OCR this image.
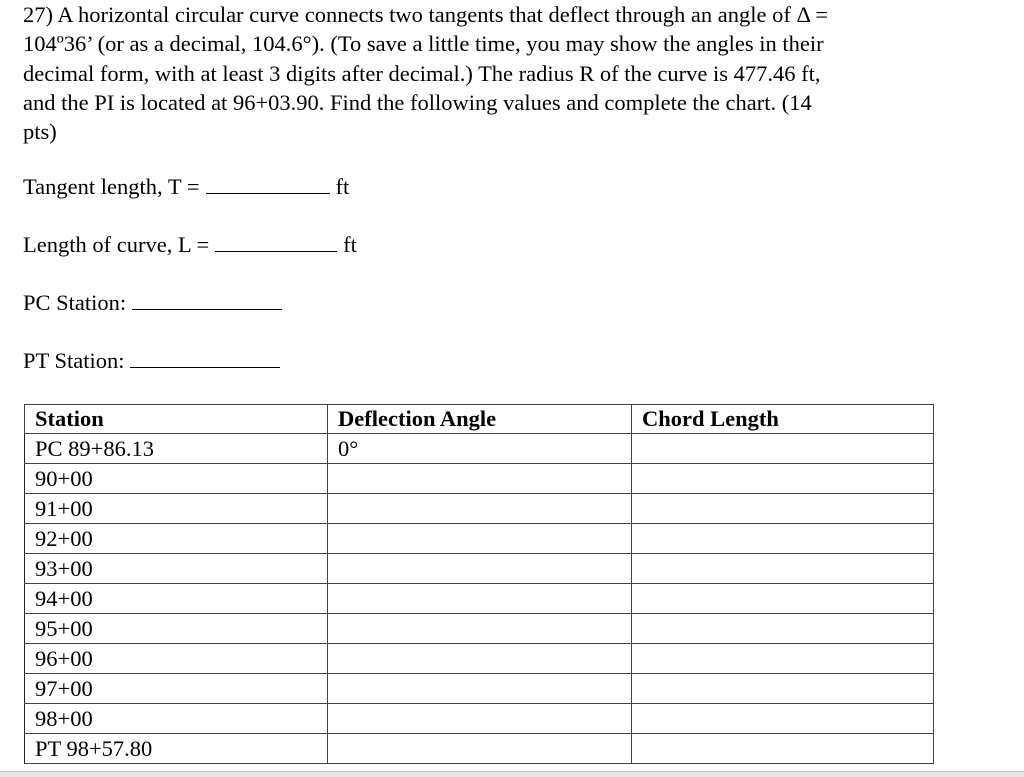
27) A horizontal circular curve connects two tangents that deflect through an angle of Δ =
104º36’ (or as a decimal, 104.6°). (To save a little time, you may show the angles in their
decimal form, with at least 3 digits after decimal.) The radius R of the curve is 477.46 ft,
and the PI is located at 96+03.90. Find the following values and complete the chart. (14
pts)
Tangent length, T =	ft
Length of curve, L =	ft
PC Station:
PT Station:
Station	Deflection Angle	Chord Length
PC 89+86.13	0°	
90+00		
91+00		
92+00		
93+00		
94+00		
95+00		
96+00		
97+00		
98+00		
PT 98+57.80		
